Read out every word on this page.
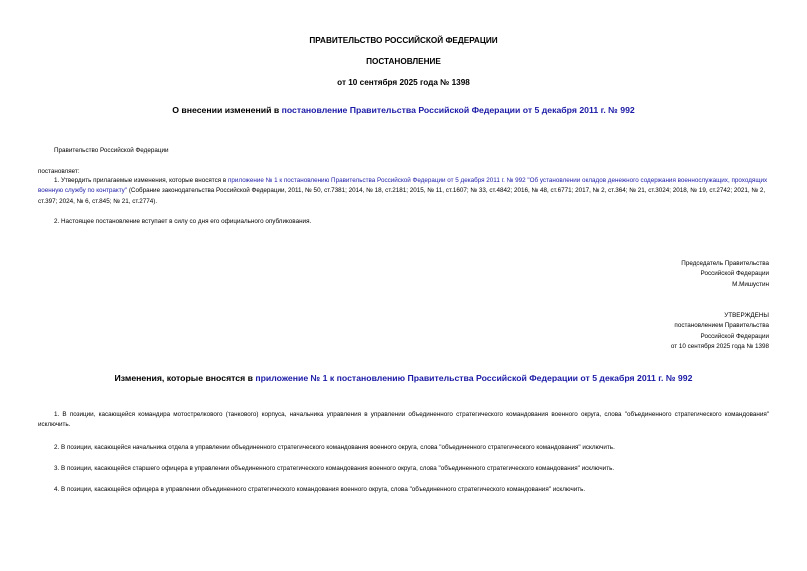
ПРАВИТЕЛЬСТВО РОССИЙСКОЙ ФЕДЕРАЦИИ
ПОСТАНОВЛЕНИЕ
от 10 сентября 2025 года № 1398
О внесении изменений в постановление Правительства Российской Федерации от 5 декабря 2011 г. № 992
Правительство Российской Федерации
постановляет:
1. Утвердить прилагаемые изменения, которые вносятся в приложение № 1 к постановлению Правительства Российской Федерации от 5 декабря 2011 г. № 992 "Об установлении окладов денежного содержания военнослужащих, проходящих военную службу по контракту" (Собрание законодательства Российской Федерации, 2011, № 50, ст.7381; 2014, № 18, ст.2181; 2015, № 11, ст.1607; № 33, ст.4842; 2016, № 48, ст.6771; 2017, № 2, ст.364; № 21, ст.3024; 2018, № 19, ст.2742; 2021, № 2, ст.397; 2024, № 6, ст.845; № 21, ст.2774).
2. Настоящее постановление вступает в силу со дня его официального опубликования.
Председатель Правительства
Российской Федерации
М.Мишустин
УТВЕРЖДЕНЫ
постановлением Правительства
Российской Федерации
от 10 сентября 2025 года № 1398
Изменения, которые вносятся в приложение № 1 к постановлению Правительства Российской Федерации от 5 декабря 2011 г. № 992
1. В позиции, касающейся командира мотострелкового (танкового) корпуса, начальника управления в управлении объединенного стратегического командования военного округа, слова "объединенного стратегического командования" исключить.
2. В позиции, касающейся начальника отдела в управлении объединенного стратегического командования военного округа, слова "объединенного стратегического командования" исключить.
3. В позиции, касающейся старшего офицера в управлении объединенного стратегического командования военного округа, слова "объединенного стратегического командования" исключить.
4. В позиции, касающейся офицера в управлении объединенного стратегического командования военного округа, слова "объединенного стратегического командования" исключить.
